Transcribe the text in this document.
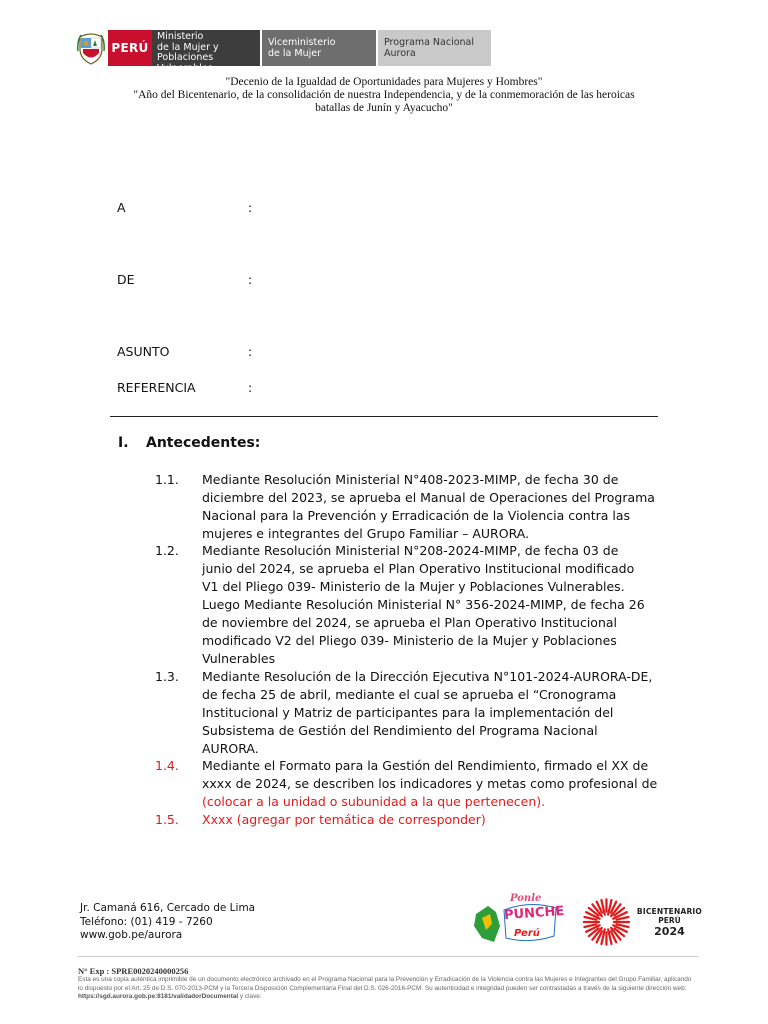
PERÚ
Ministerio
de la Mujer y
Poblaciones Vulnerables
Viceministerio
de la Mujer
Programa Nacional
Aurora
"Decenio de la Igualdad de Oportunidades para Mujeres y Hombres"
"Año del Bicentenario, de la consolidación de nuestra Independencia, y de la conmemoración de las heroicas
batallas de Junín y Ayacucho"
A	:
DE	:
ASUNTO	:
REFERENCIA	:
I. Antecedentes:
1.1. Mediante Resolución Ministerial N°408-2023-MIMP, de fecha 30 de
diciembre del 2023, se aprueba el Manual de Operaciones del Programa
Nacional para la Prevención y Erradicación de la Violencia contra las
mujeres e integrantes del Grupo Familiar – AURORA.
1.2. Mediante Resolución Ministerial N°208-2024-MIMP, de fecha 03 de
junio del 2024, se aprueba el Plan Operativo Institucional modificado
V1 del Pliego 039- Ministerio de la Mujer y Poblaciones Vulnerables.
Luego Mediante Resolución Ministerial N° 356-2024-MIMP, de fecha 26
de noviembre del 2024, se aprueba el Plan Operativo Institucional
modificado V2 del Pliego 039- Ministerio de la Mujer y Poblaciones
Vulnerables
1.3. Mediante Resolución de la Dirección Ejecutiva N°101-2024-AURORA-DE,
de fecha 25 de abril, mediante el cual se aprueba el “Cronograma
Institucional y Matriz de participantes para la implementación del
Subsistema de Gestión del Rendimiento del Programa Nacional
AURORA.
1.4. Mediante el Formato para la Gestión del Rendimiento, firmado el XX de
xxxx de 2024, se describen los indicadores y metas como profesional de
(colocar a la unidad o subunidad a la que pertenecen).
1.5. Xxxx (agregar por temática de corresponder)
Jr. Camaná 616, Cercado de Lima
Teléfono: (01) 419 - 7260
www.gob.pe/aurora
Ponle
PUNCHE
Perú
BICENTENARIO
PERÚ
2024
N° Exp : SPRE0020240000256
Esta es una copia auténtica imprimible de un documento electrónico archivado en el Programa Nacional para la Prevención y Erradicación de la Violencia contra las Mujeres e Integrantes del Grupo Familiar, aplicando lo dispuesto por el Art. 25 de D.S. 070-2013-PCM y la Tercera Disposición Complementaria Final del D.S. 026-2016-PCM. Su autenticidad e integridad pueden ser contrastadas a través de la siguiente dirección web: https://sgd.aurora.gob.pe:8181/validadorDocumental y clave:
